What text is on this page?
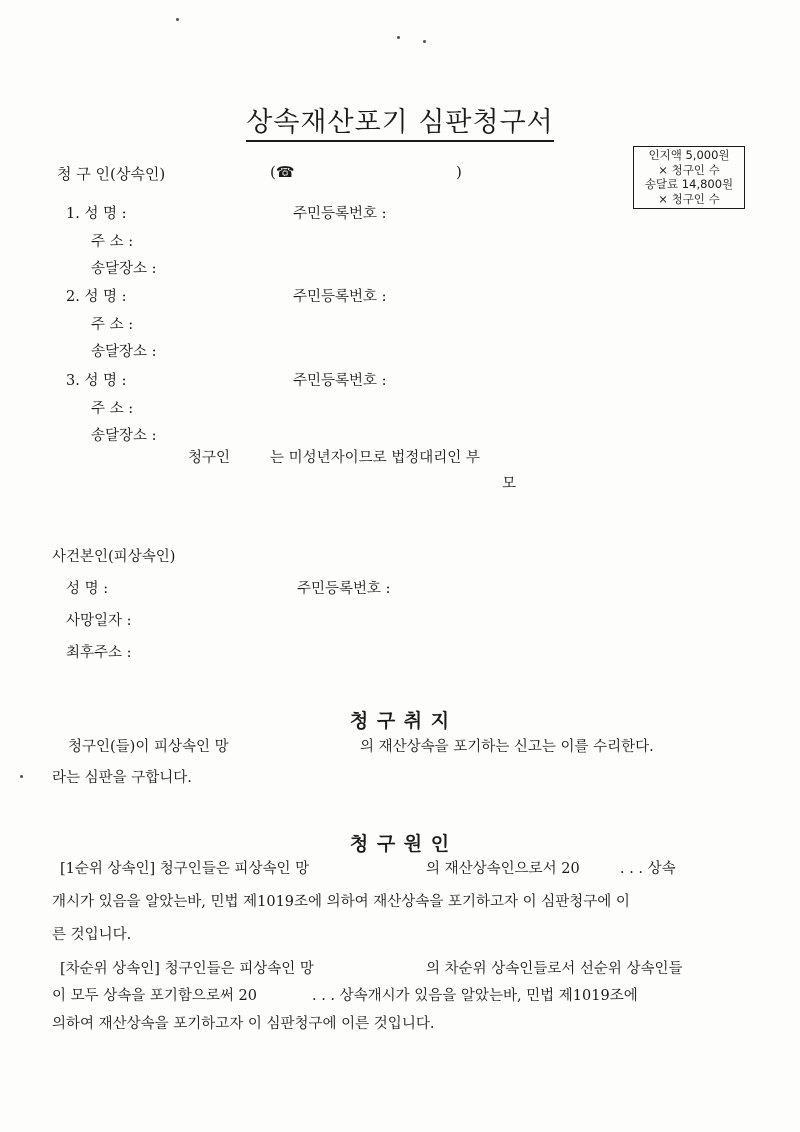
상속재산포기 심판청구서
인지액 5,000원
× 청구인 수
송달료 14,800원
× 청구인 수
청 구 인(상속인)	(☎	)
1. 성 명 :	주민등록번호 :
주 소 :
송달장소 :
2. 성 명 :	주민등록번호 :
주 소 :
송달장소 :
3. 성 명 :	주민등록번호 :
주 소 :
송달장소 :
청구인	는 미성년자이므로 법정대리인 부
모
사건본인(피상속인)
성 명 :	주민등록번호 :
사망일자 :
최후주소 :
청 구 취 지
청구인(들)이 피상속인 망	의 재산상속을 포기하는 신고는 이를 수리한다.
라는 심판을 구합니다.
청 구 원 인
[1순위 상속인] 청구인들은 피상속인 망	의 재산상속인으로서 20	. . . 상속
개시가 있음을 알았는바, 민법 제1019조에 의하여 재산상속을 포기하고자 이 심판청구에 이
른 것입니다.
[차순위 상속인] 청구인들은 피상속인 망	의 차순위 상속인들로서 선순위 상속인들
이 모두 상속을 포기함으로써 20	. . . 상속개시가 있음을 알았는바, 민법 제1019조에
의하여 재산상속을 포기하고자 이 심판청구에 이른 것입니다.
